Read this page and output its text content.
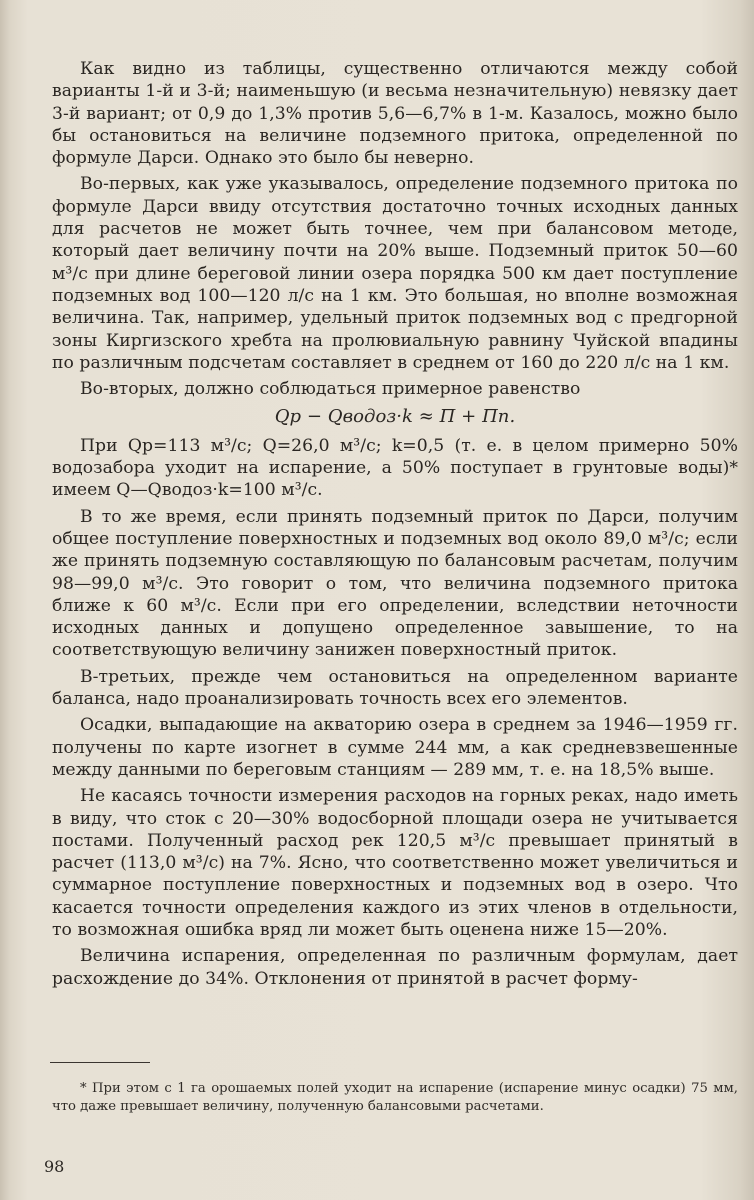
Как видно из таблицы, существенно отличаются между собой варианты 1-й и 3-й; наименьшую (и весьма незначительную) невязку дает 3-й вариант; от 0,9 до 1,3% против 5,6—6,7% в 1-м. Казалось, можно было бы остановиться на величине подземного притока, определенной по формуле Дарси. Однако это было бы неверно.

Во-первых, как уже указывалось, определение подземного притока по формуле Дарси ввиду отсутствия достаточно точных исходных данных для расчетов не может быть точнее, чем при балансовом методе, который дает величину почти на 20% выше. Подземный приток 50—60 м³/с при длине береговой линии озера порядка 500 км дает поступление подземных вод 100—120 л/с на 1 км. Это большая, но вполне возможная величина. Так, например, удельный приток подземных вод с предгорной зоны Киргизского хребта на пролювиальную равнину Чуйской впадины по различным подсчетам составляет в среднем от 160 до 220 л/с на 1 км.

Во-вторых, должно соблюдаться примерное равенство

Qр − Qводоз·k ≈ П + Пп.

При Qр=113 м³/с; Q=26,0 м³/с; k=0,5 (т. е. в целом примерно 50% водозабора уходит на испарение, а 50% поступает в грунтовые воды)* имеем Q—Qводоз·k=100 м³/с.

В то же время, если принять подземный приток по Дарси, получим общее поступление поверхностных и подземных вод около 89,0 м³/с; если же принять подземную составляющую по балансовым расчетам, получим 98—99,0 м³/с. Это говорит о том, что величина подземного притока ближе к 60 м³/с. Если при его определении, вследствии неточности исходных данных и допущено определенное завышение, то на соответствующую величину занижен поверхностный приток.

В-третьих, прежде чем остановиться на определенном варианте баланса, надо проанализировать точность всех его элементов.

Осадки, выпадающие на акваторию озера в среднем за 1946—1959 гг. получены по карте изогнет в сумме 244 мм, а как средневзвешенные между данными по береговым станциям — 289 мм, т. е. на 18,5% выше.

Не касаясь точности измерения расходов на горных реках, надо иметь в виду, что сток с 20—30% водосборной площади озера не учитывается постами. Полученный расход рек 120,5 м³/с превышает принятый в расчет (113,0 м³/с) на 7%. Ясно, что соответственно может увеличиться и суммарное поступление поверхностных и подземных вод в озеро. Что касается точности определения каждого из этих членов в отдельности, то возможная ошибка вряд ли может быть оценена ниже 15—20%.

Величина испарения, определенная по различным формулам, дает расхождение до 34%. Отклонения от принятой в расчет форму-

* При этом с 1 га орошаемых полей уходит на испарение (испарение минус осадки) 75 мм, что даже превышает величину, полученную балансовыми расчетами.
98
